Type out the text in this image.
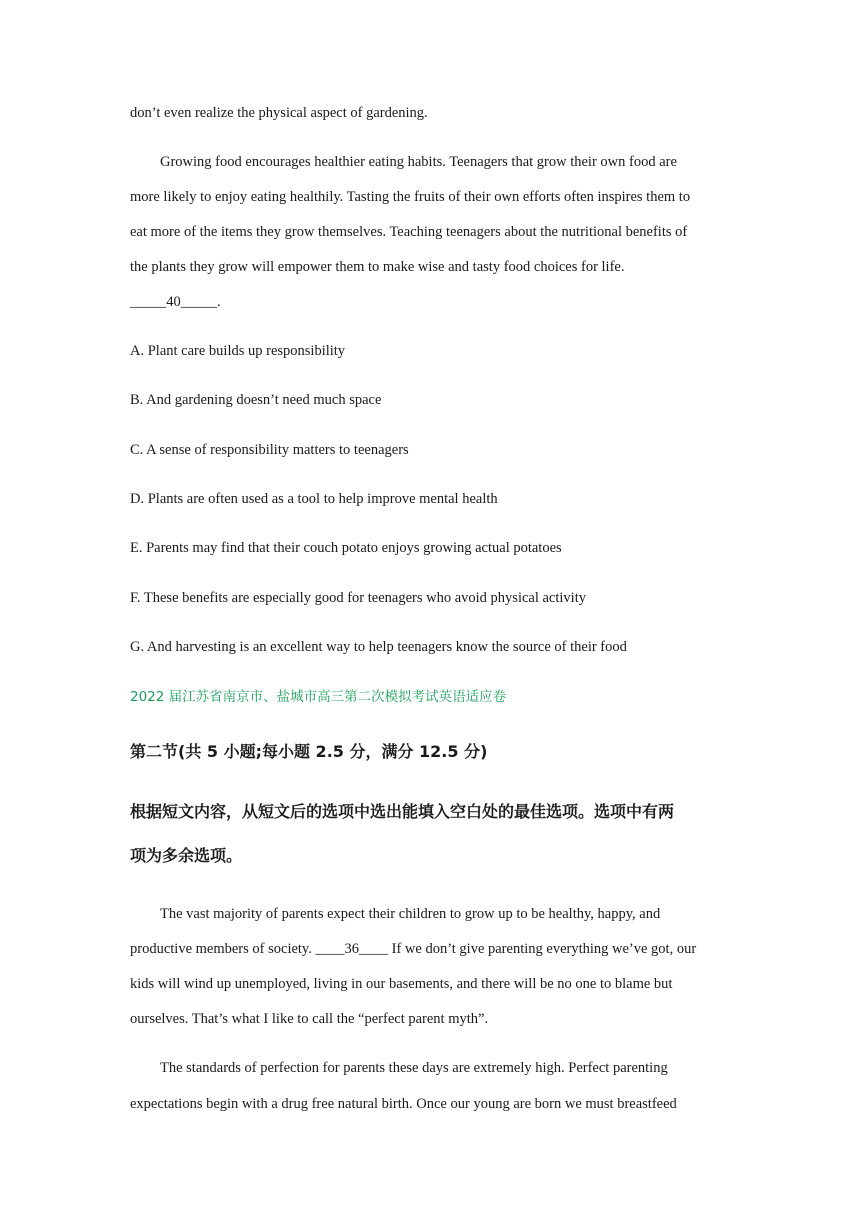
don’t even realize the physical aspect of gardening.
Growing food encourages healthier eating habits. Teenagers that grow their own food are
more likely to enjoy eating healthily. Tasting the fruits of their own efforts often inspires them to
eat more of the items they grow themselves. Teaching teenagers about the nutritional benefits of
the plants they grow will empower them to make wise and tasty food choices for life.
_____40_____.
A. Plant care builds up responsibility
B. And gardening doesn’t need much space
C. A sense of responsibility matters to teenagers
D. Plants are often used as a tool to help improve mental health
E. Parents may find that their couch potato enjoys growing actual potatoes
F. These benefits are especially good for teenagers who avoid physical activity
G. And harvesting is an excellent way to help teenagers know the source of their food
2022 届江苏省南京市、盐城市高三第二次模拟考试英语适应卷
第二节(共 5 小题;每小题 2.5 分，满分 12.5 分)
根据短文内容，从短文后的选项中选出能填入空白处的最佳选项。选项中有两
项为多余选项。
The vast majority of parents expect their children to grow up to be healthy, happy, and
productive members of society. ____36____ If we don’t give parenting everything we’ve got, our
kids will wind up unemployed, living in our basements, and there will be no one to blame but
ourselves. That’s what I like to call the “perfect parent myth”.
The standards of perfection for parents these days are extremely high. Perfect parenting
expectations begin with a drug free natural birth. Once our young are born we must breastfeed
